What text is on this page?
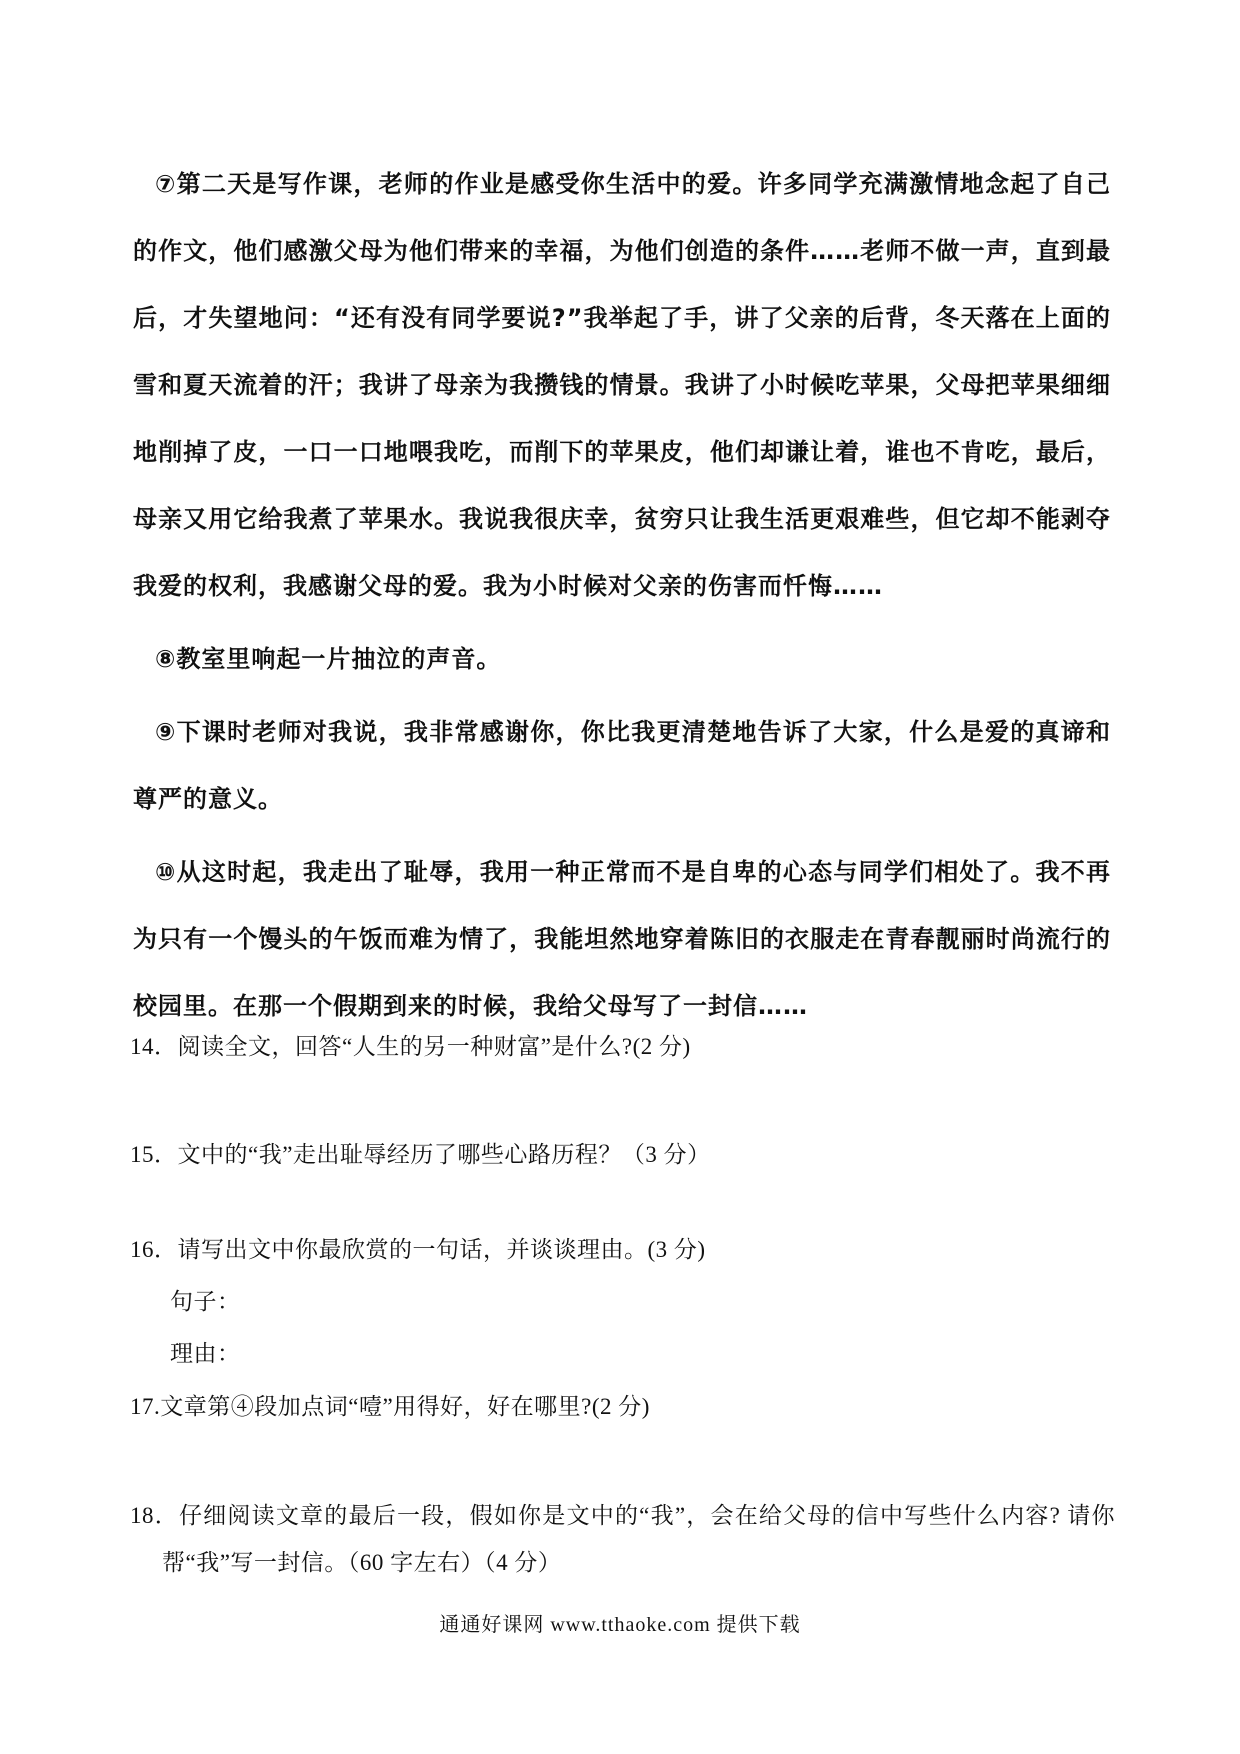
⑦第二天是写作课，老师的作业是感受你生活中的爱。许多同学充满激情地念起了自己的作文，他们感激父母为他们带来的幸福，为他们创造的条件……老师不做一声，直到最后，才失望地问：“还有没有同学要说?”我举起了手，讲了父亲的后背，冬天落在上面的雪和夏天流着的汗；我讲了母亲为我攒钱的情景。我讲了小时候吃苹果，父母把苹果细细地削掉了皮，一口一口地喂我吃，而削下的苹果皮，他们却谦让着，谁也不肯吃，最后，母亲又用它给我煮了苹果水。我说我很庆幸，贫穷只让我生活更艰难些，但它却不能剥夺我爱的权利，我感谢父母的爱。我为小时候对父亲的伤害而忏悔……

⑧教室里响起一片抽泣的声音。

⑨下课时老师对我说，我非常感谢你，你比我更清楚地告诉了大家，什么是爱的真谛和尊严的意义。

⑩从这时起，我走出了耻辱，我用一种正常而不是自卑的心态与同学们相处了。我不再为只有一个馒头的午饭而难为情了，我能坦然地穿着陈旧的衣服走在青春靓丽时尚流行的校园里。在那一个假期到来的时候，我给父母写了一封信……

14．阅读全文，回答“人生的另一种财富”是什么?(2 分)
15．文中的“我”走出耻辱经历了哪些心路历程？（3 分）
16．请写出文中你最欣赏的一句话，并谈谈理由。(3 分)
句子：
理由：
17.文章第④段加点词“噎”用得好，好在哪里?(2 分)
18．仔细阅读文章的最后一段，假如你是文中的“我”，会在给父母的信中写些什么内容? 请你帮“我”写一封信。（60 字左右）（4 分）
通通好课网 www.tthaoke.com 提供下载
